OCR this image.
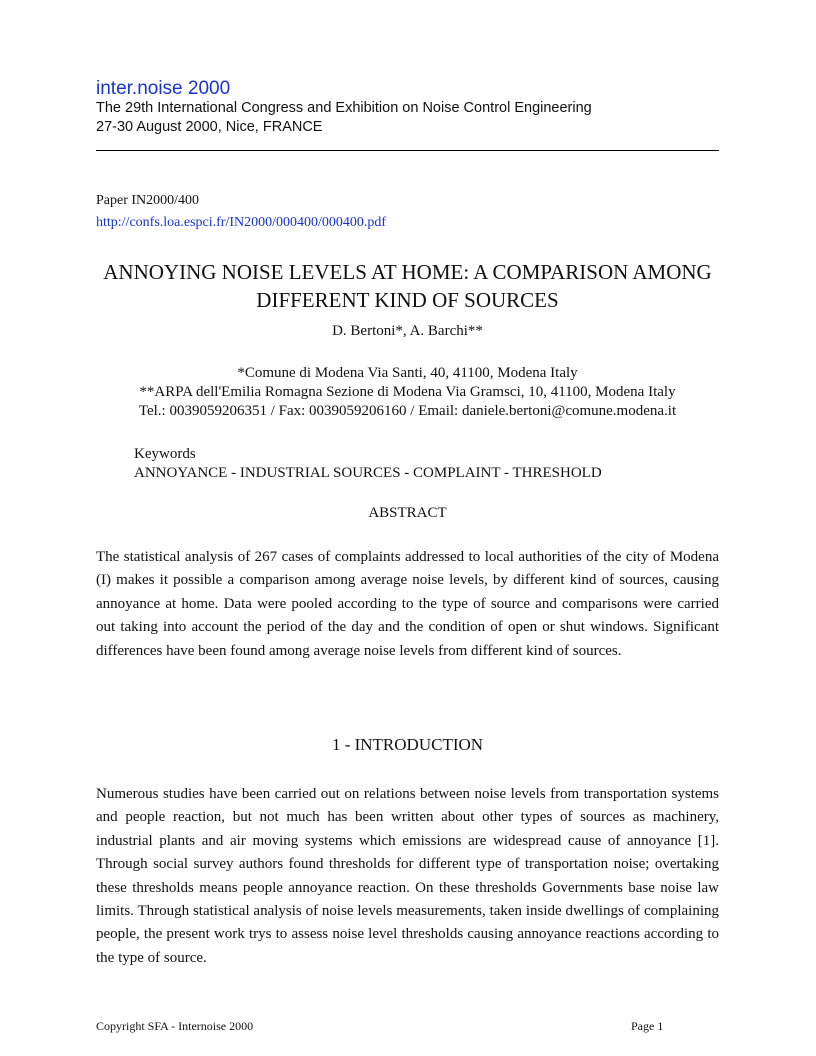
inter.noise 2000
The 29th International Congress and Exhibition on Noise Control Engineering
27-30 August 2000, Nice, FRANCE
Paper IN2000/400
http://confs.loa.espci.fr/IN2000/000400/000400.pdf
ANNOYING NOISE LEVELS AT HOME: A COMPARISON AMONG DIFFERENT KIND OF SOURCES
D. Bertoni*, A. Barchi**
*Comune di Modena Via Santi, 40, 41100, Modena Italy
**ARPA dell'Emilia Romagna Sezione di Modena Via Gramsci, 10, 41100, Modena Italy
Tel.: 0039059206351 / Fax: 0039059206160 / Email: daniele.bertoni@comune.modena.it
Keywords
ANNOYANCE - INDUSTRIAL SOURCES - COMPLAINT - THRESHOLD
ABSTRACT
The statistical analysis of 267 cases of complaints addressed to local authorities of the city of Modena (I) makes it possible a comparison among average noise levels, by different kind of sources, causing annoyance at home. Data were pooled according to the type of source and comparisons were carried out taking into account the period of the day and the condition of open or shut windows. Significant differences have been found among average noise levels from different kind of sources.
1 - INTRODUCTION
Numerous studies have been carried out on relations between noise levels from transportation systems and people reaction, but not much has been written about other types of sources as machinery, industrial plants and air moving systems which emissions are widespread cause of annoyance [1]. Through social survey authors found thresholds for different type of transportation noise; overtaking these thresholds means people annoyance reaction. On these thresholds Governments base noise law limits. Through statistical analysis of noise levels measurements, taken inside dwellings of complaining people, the present work trys to assess noise level thresholds causing annoyance reactions according to the type of source.
Copyright SFA - Internoise 2000	Page 1
